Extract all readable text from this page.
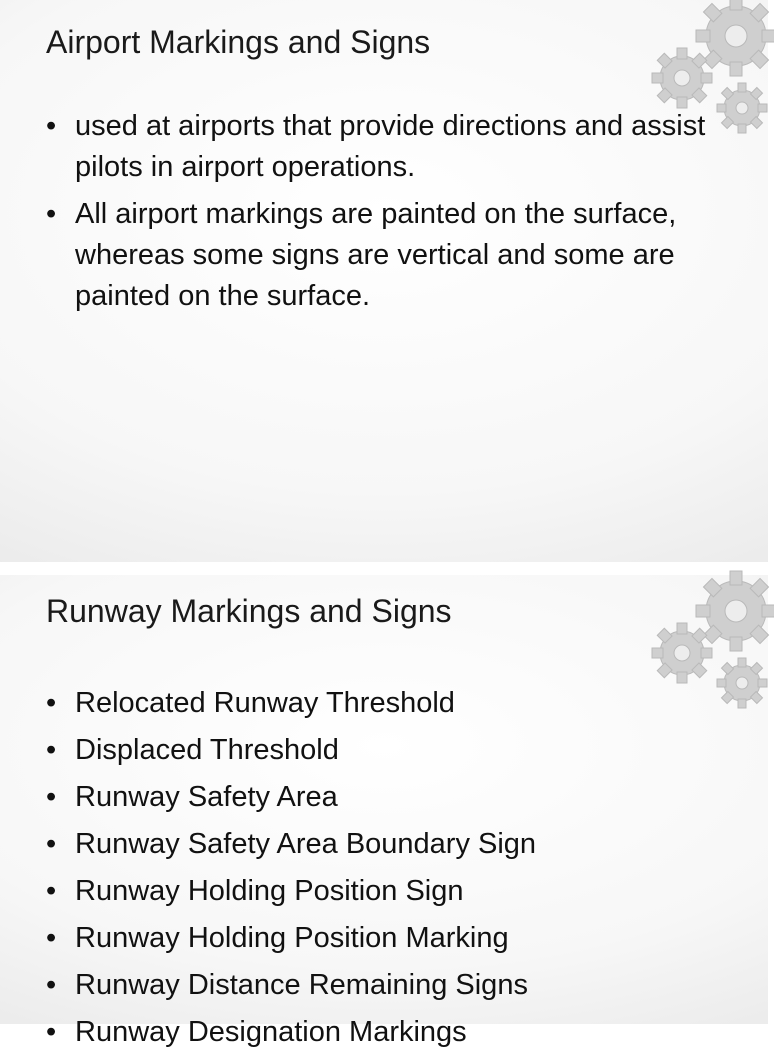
Airport Markings and Signs
• used at airports that provide directions and assist pilots in airport operations.
• All airport markings are painted on the surface, whereas some signs are vertical and some are painted on the surface.
Runway Markings and Signs
• Relocated Runway Threshold
• Displaced Threshold
• Runway Safety Area
• Runway Safety Area Boundary Sign
• Runway Holding Position Sign
• Runway Holding Position Marking
• Runway Distance Remaining Signs
• Runway Designation Markings
